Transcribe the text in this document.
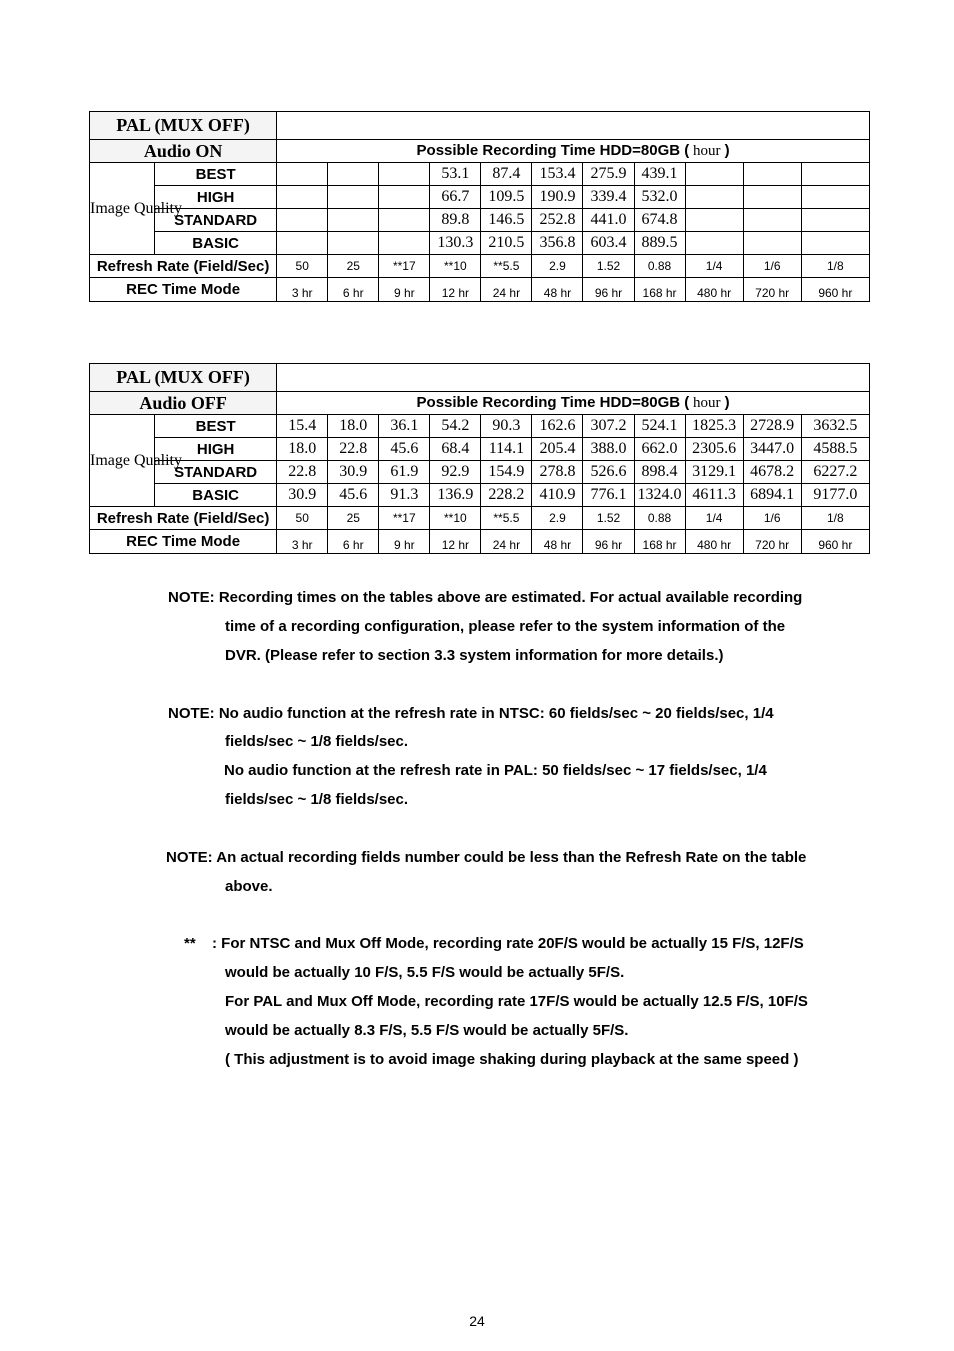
PAL (MUX OFF)												
Audio ON		Possible Recording Time HDD=80GB ( hour )										
Image Quality	BEST				53.1	87.4	153.4	275.9	439.1			
	HIGH				66.7	109.5	190.9	339.4	532.0			
	STANDARD				89.8	146.5	252.8	441.0	674.8			
	BASIC				130.3	210.5	356.8	603.4	889.5			
Refresh Rate (Field/Sec)		50	25	**17	**10	**5.5	2.9	1.52	0.88	1/4	1/6	1/8
REC Time Mode		3 hr	6 hr	9 hr	12 hr	24 hr	48 hr	96 hr	168 hr	480 hr	720 hr	960 hr
PAL (MUX OFF)												
Audio OFF		Possible Recording Time HDD=80GB ( hour )										
Image Quality	BEST	15.4	18.0	36.1	54.2	90.3	162.6	307.2	524.1	1825.3	2728.9	3632.5
	HIGH	18.0	22.8	45.6	68.4	114.1	205.4	388.0	662.0	2305.6	3447.0	4588.5
	STANDARD	22.8	30.9	61.9	92.9	154.9	278.8	526.6	898.4	3129.1	4678.2	6227.2
	BASIC	30.9	45.6	91.3	136.9	228.2	410.9	776.1	1324.0	4611.3	6894.1	9177.0
Refresh Rate (Field/Sec)		50	25	**17	**10	**5.5	2.9	1.52	0.88	1/4	1/6	1/8
REC Time Mode		3 hr	6 hr	9 hr	12 hr	24 hr	48 hr	96 hr	168 hr	480 hr	720 hr	960 hr
NOTE: Recording times on the tables above are estimated. For actual available recording
time of a recording configuration, please refer to the system information of the
DVR. (Please refer to section 3.3 system information for more details.)
NOTE: No audio function at the refresh rate in NTSC: 60 fields/sec ~ 20 fields/sec, 1/4
fields/sec ~ 1/8 fields/sec.
No audio function at the refresh rate in PAL: 50 fields/sec ~ 17 fields/sec, 1/4
fields/sec ~ 1/8 fields/sec.
NOTE: An actual recording fields number could be less than the Refresh Rate on the table
above.
** : For NTSC and Mux Off Mode, recording rate 20F/S would be actually 15 F/S, 12F/S
would be actually 10 F/S, 5.5 F/S would be actually 5F/S.
For PAL and Mux Off Mode, recording rate 17F/S would be actually 12.5 F/S, 10F/S
would be actually 8.3 F/S, 5.5 F/S would be actually 5F/S.
( This adjustment is to avoid image shaking during playback at the same speed )
24
